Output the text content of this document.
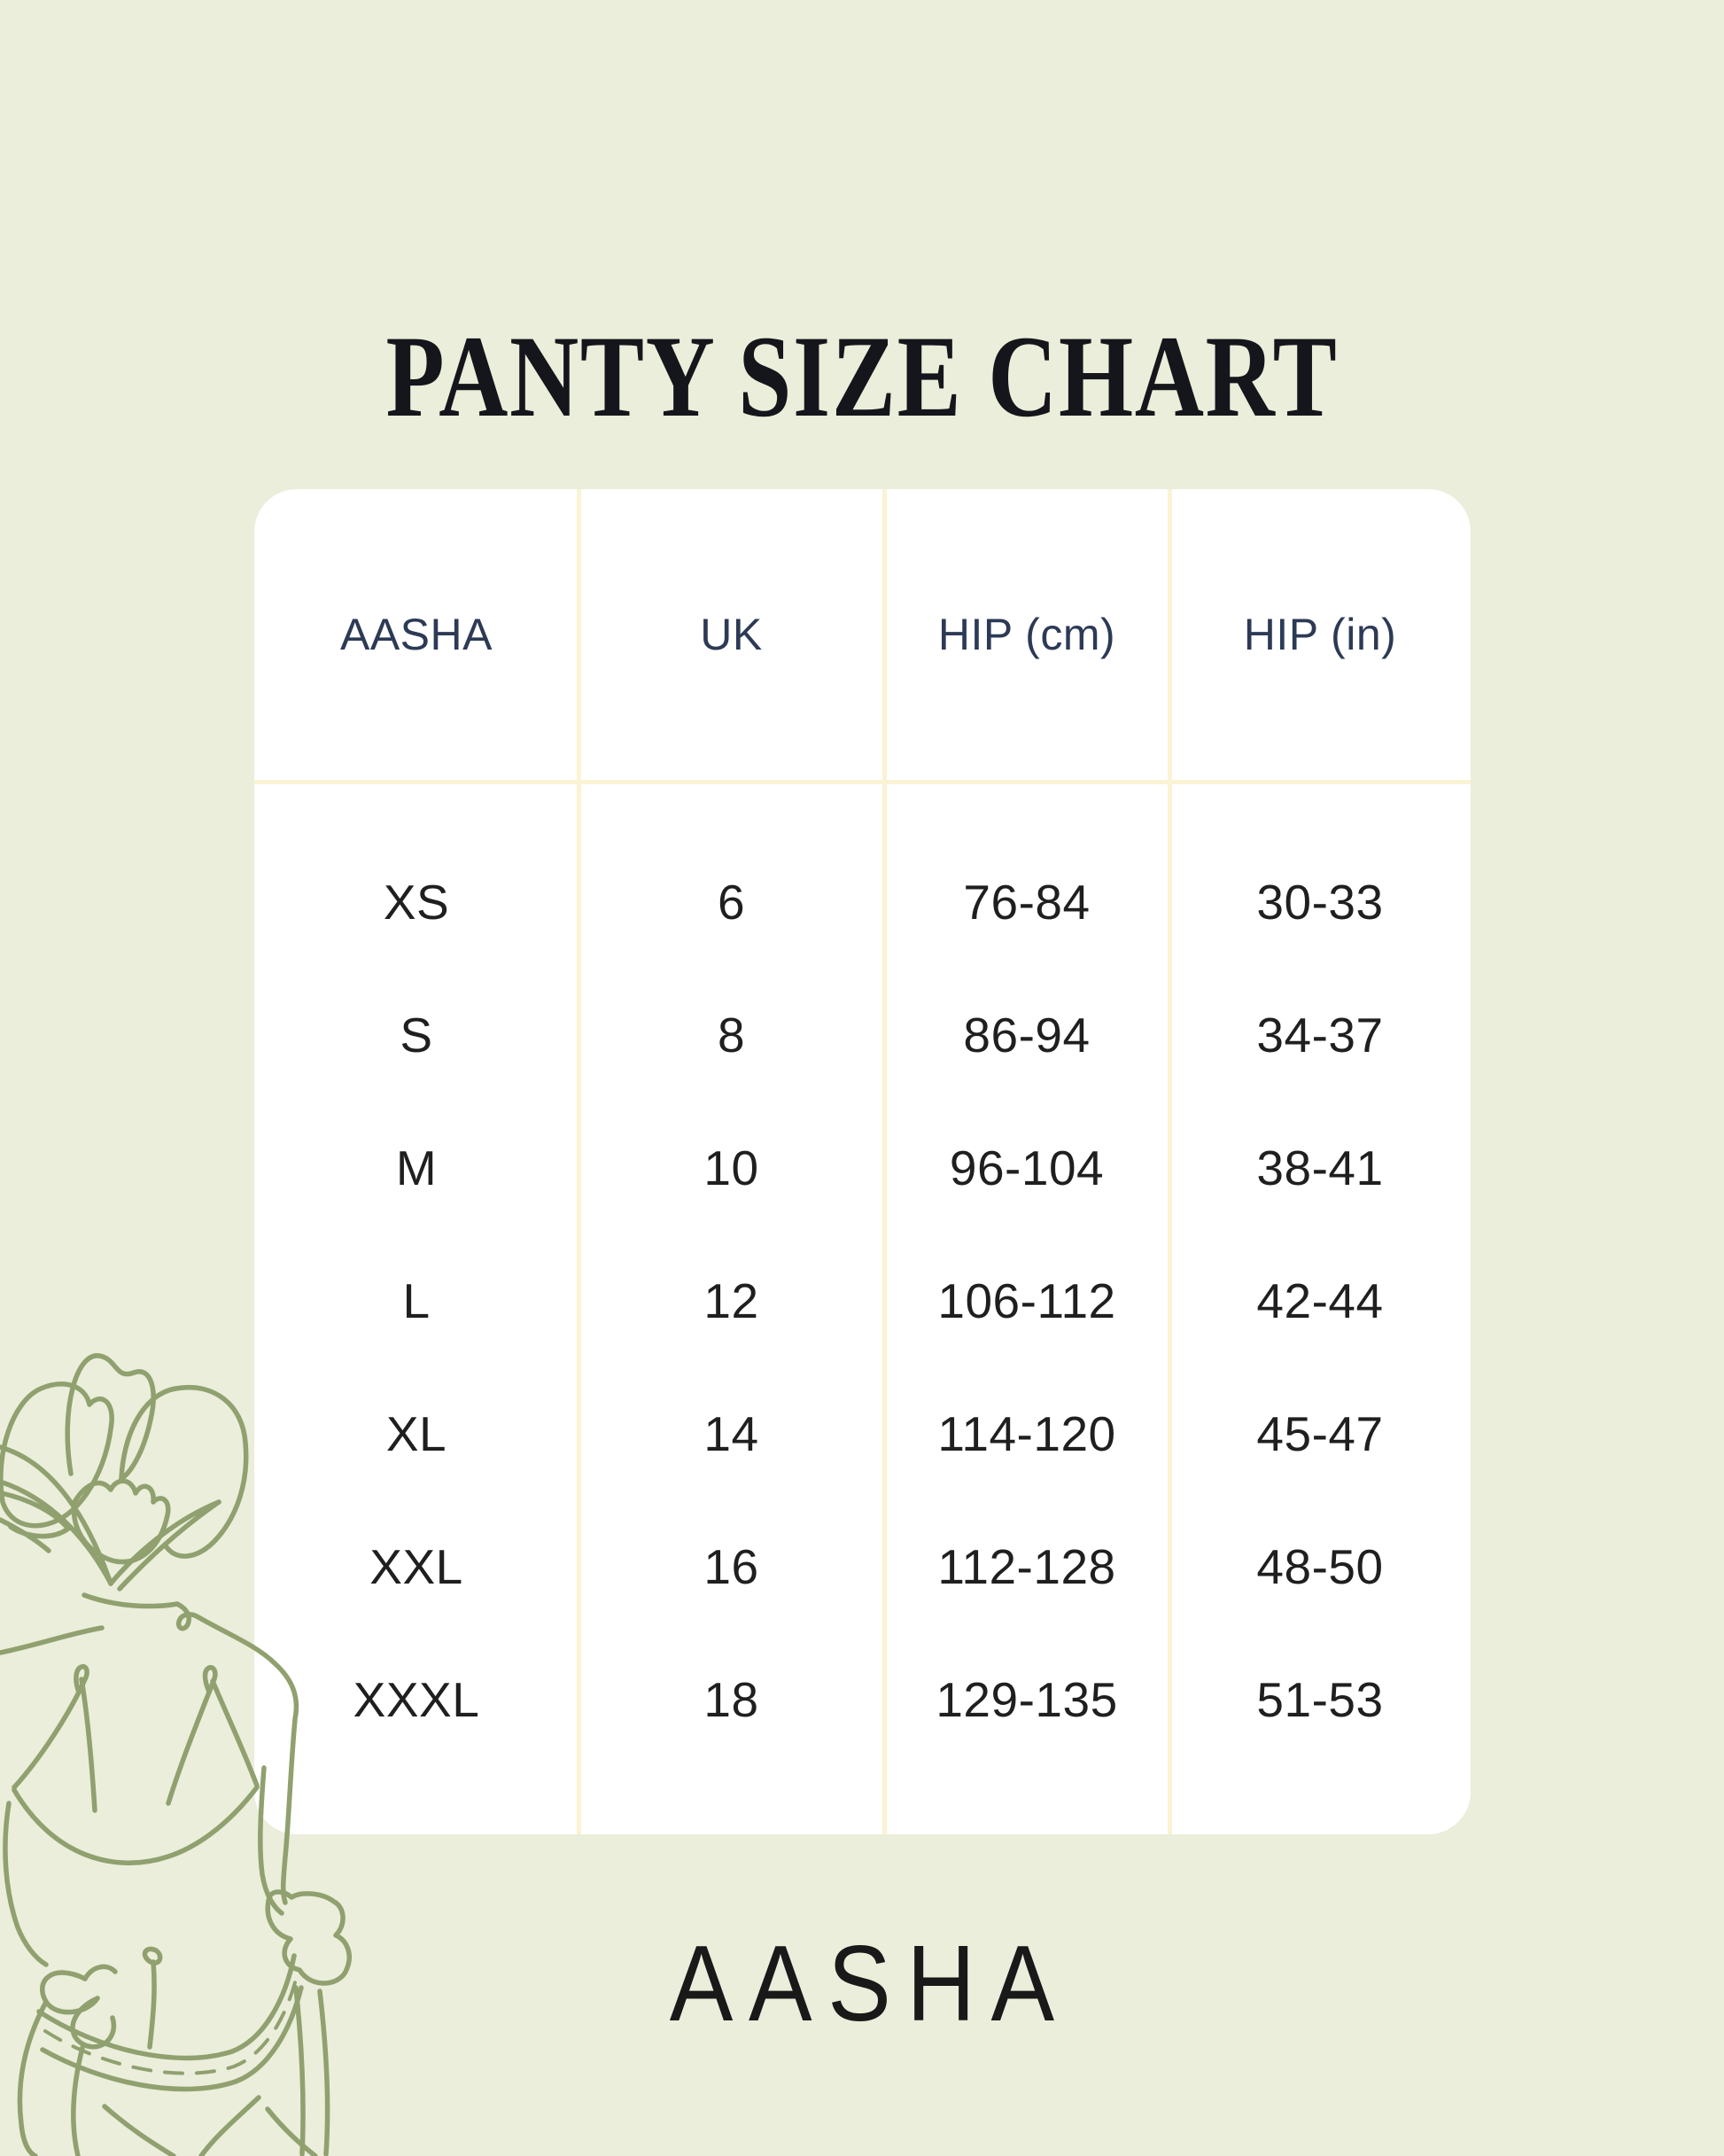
PANTY SIZE CHART
AASHA	UK	HIP (cm)	HIP (in)
XS	6	76-84	30-33
S	8	86-94	34-37
M	10	96-104	38-41
L	12	106-112	42-44
XL	14	114-120	45-47
XXL	16	112-128	48-50
XXXL	18	129-135	51-53
AASHA
